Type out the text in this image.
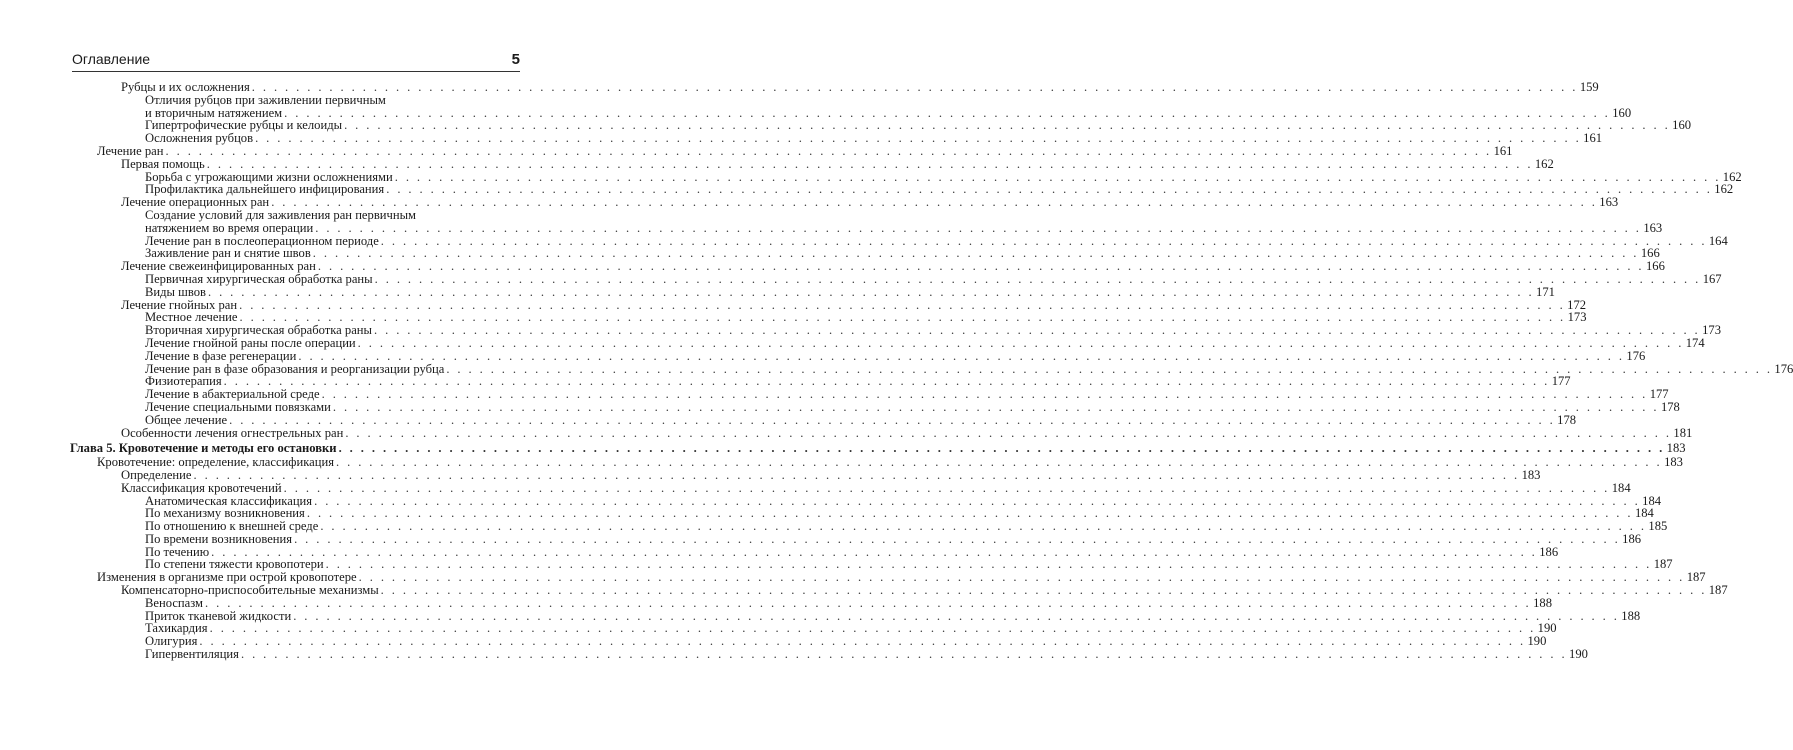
Оглавление	5
Рубцы и их осложнения . . . . . . . . . . . . . . . . . . . . . . . . . . . . . . . . . . . . . . . . . . . . . . . . . . . . . . . . . . . . . . . . . . . . . . . . . . . . . . . . . . . . . . . . . . . . . . . . . . . . . . . . . . . . . . . . . . . . . . . . 159
Отличия рубцов при заживлении первичным
и вторичным натяжением . . . . . . . . . . . . . . . . . . . . . . . . . . . . . . . . . . . . . . . . . . . . . . . . . . . . . . . . . . . . . . . . . . . . . . . . . . . . . . . . . . . . . . . . . . . . . . . . . . . . . . . . . . . . . . . . . . . . . . . . 160
Гипертрофические рубцы и келоиды . . . . . . . . . . . . . . . . . . . . . . . . . . . . . . . . . . . . . . . . . . . . . . . . . . . . . . . . . . . . . . . . . . . . . . . . . . . . . . . . . . . . . . . . . . . . . . . . . . . . . . . . . . . . . . . . . . . . . . . . 160
Осложнения рубцов . . . . . . . . . . . . . . . . . . . . . . . . . . . . . . . . . . . . . . . . . . . . . . . . . . . . . . . . . . . . . . . . . . . . . . . . . . . . . . . . . . . . . . . . . . . . . . . . . . . . . . . . . . . . . . . . . . . . . . . . 161
Лечение ран . . . . . . . . . . . . . . . . . . . . . . . . . . . . . . . . . . . . . . . . . . . . . . . . . . . . . . . . . . . . . . . . . . . . . . . . . . . . . . . . . . . . . . . . . . . . . . . . . . . . . . . . . . . . . . . . . . . . . . . . 161
Первая помощь . . . . . . . . . . . . . . . . . . . . . . . . . . . . . . . . . . . . . . . . . . . . . . . . . . . . . . . . . . . . . . . . . . . . . . . . . . . . . . . . . . . . . . . . . . . . . . . . . . . . . . . . . . . . . . . . . . . . . . . . 162
Борьба с угрожающими жизни осложнениями . . . . . . . . . . . . . . . . . . . . . . . . . . . . . . . . . . . . . . . . . . . . . . . . . . . . . . . . . . . . . . . . . . . . . . . . . . . . . . . . . . . . . . . . . . . . . . . . . . . . . . . . . . . . . . . . . . . . . . . . 162
Профилактика дальнейшего инфицирования . . . . . . . . . . . . . . . . . . . . . . . . . . . . . . . . . . . . . . . . . . . . . . . . . . . . . . . . . . . . . . . . . . . . . . . . . . . . . . . . . . . . . . . . . . . . . . . . . . . . . . . . . . . . . . . . . . . . . . . . 162
Лечение операционных ран . . . . . . . . . . . . . . . . . . . . . . . . . . . . . . . . . . . . . . . . . . . . . . . . . . . . . . . . . . . . . . . . . . . . . . . . . . . . . . . . . . . . . . . . . . . . . . . . . . . . . . . . . . . . . . . . . . . . . . . . 163
Создание условий для заживления ран первичным
натяжением во время операции . . . . . . . . . . . . . . . . . . . . . . . . . . . . . . . . . . . . . . . . . . . . . . . . . . . . . . . . . . . . . . . . . . . . . . . . . . . . . . . . . . . . . . . . . . . . . . . . . . . . . . . . . . . . . . . . . . . . . . . . 163
Лечение ран в послеоперационном периоде . . . . . . . . . . . . . . . . . . . . . . . . . . . . . . . . . . . . . . . . . . . . . . . . . . . . . . . . . . . . . . . . . . . . . . . . . . . . . . . . . . . . . . . . . . . . . . . . . . . . . . . . . . . . . . . . . . . . . . . . 164
Заживление ран и снятие швов . . . . . . . . . . . . . . . . . . . . . . . . . . . . . . . . . . . . . . . . . . . . . . . . . . . . . . . . . . . . . . . . . . . . . . . . . . . . . . . . . . . . . . . . . . . . . . . . . . . . . . . . . . . . . . . . . . . . . . . . 166
Лечение свежеинфицированных ран . . . . . . . . . . . . . . . . . . . . . . . . . . . . . . . . . . . . . . . . . . . . . . . . . . . . . . . . . . . . . . . . . . . . . . . . . . . . . . . . . . . . . . . . . . . . . . . . . . . . . . . . . . . . . . . . . . . . . . . . 166
Первичная хирургическая обработка раны . . . . . . . . . . . . . . . . . . . . . . . . . . . . . . . . . . . . . . . . . . . . . . . . . . . . . . . . . . . . . . . . . . . . . . . . . . . . . . . . . . . . . . . . . . . . . . . . . . . . . . . . . . . . . . . . . . . . . . . . 167
Виды швов . . . . . . . . . . . . . . . . . . . . . . . . . . . . . . . . . . . . . . . . . . . . . . . . . . . . . . . . . . . . . . . . . . . . . . . . . . . . . . . . . . . . . . . . . . . . . . . . . . . . . . . . . . . . . . . . . . . . . . . . 171
Лечение гнойных ран . . . . . . . . . . . . . . . . . . . . . . . . . . . . . . . . . . . . . . . . . . . . . . . . . . . . . . . . . . . . . . . . . . . . . . . . . . . . . . . . . . . . . . . . . . . . . . . . . . . . . . . . . . . . . . . . . . . . . . . . 172
Местное лечение . . . . . . . . . . . . . . . . . . . . . . . . . . . . . . . . . . . . . . . . . . . . . . . . . . . . . . . . . . . . . . . . . . . . . . . . . . . . . . . . . . . . . . . . . . . . . . . . . . . . . . . . . . . . . . . . . . . . . . . . 173
Вторичная хирургическая обработка раны . . . . . . . . . . . . . . . . . . . . . . . . . . . . . . . . . . . . . . . . . . . . . . . . . . . . . . . . . . . . . . . . . . . . . . . . . . . . . . . . . . . . . . . . . . . . . . . . . . . . . . . . . . . . . . . . . . . . . . . . 173
Лечение гнойной раны после операции . . . . . . . . . . . . . . . . . . . . . . . . . . . . . . . . . . . . . . . . . . . . . . . . . . . . . . . . . . . . . . . . . . . . . . . . . . . . . . . . . . . . . . . . . . . . . . . . . . . . . . . . . . . . . . . . . . . . . . . . 174
Лечение в фазе регенерации . . . . . . . . . . . . . . . . . . . . . . . . . . . . . . . . . . . . . . . . . . . . . . . . . . . . . . . . . . . . . . . . . . . . . . . . . . . . . . . . . . . . . . . . . . . . . . . . . . . . . . . . . . . . . . . . . . . . . . . . 176
Лечение ран в фазе образования и реорганизации рубца . . . . . . . . . . . . . . . . . . . . . . . . . . . . . . . . . . . . . . . . . . . . . . . . . . . . . . . . . . . . . . . . . . . . . . . . . . . . . . . . . . . . . . . . . . . . . . . . . . . . . . . . . . . . . . . . . . . . . . . . 176
Физиотерапия . . . . . . . . . . . . . . . . . . . . . . . . . . . . . . . . . . . . . . . . . . . . . . . . . . . . . . . . . . . . . . . . . . . . . . . . . . . . . . . . . . . . . . . . . . . . . . . . . . . . . . . . . . . . . . . . . . . . . . . . 177
Лечение в абактериальной среде . . . . . . . . . . . . . . . . . . . . . . . . . . . . . . . . . . . . . . . . . . . . . . . . . . . . . . . . . . . . . . . . . . . . . . . . . . . . . . . . . . . . . . . . . . . . . . . . . . . . . . . . . . . . . . . . . . . . . . . . 177
Лечение специальными повязками . . . . . . . . . . . . . . . . . . . . . . . . . . . . . . . . . . . . . . . . . . . . . . . . . . . . . . . . . . . . . . . . . . . . . . . . . . . . . . . . . . . . . . . . . . . . . . . . . . . . . . . . . . . . . . . . . . . . . . . . 178
Общее лечение . . . . . . . . . . . . . . . . . . . . . . . . . . . . . . . . . . . . . . . . . . . . . . . . . . . . . . . . . . . . . . . . . . . . . . . . . . . . . . . . . . . . . . . . . . . . . . . . . . . . . . . . . . . . . . . . . . . . . . . . 178
Особенности лечения огнестрельных ран . . . . . . . . . . . . . . . . . . . . . . . . . . . . . . . . . . . . . . . . . . . . . . . . . . . . . . . . . . . . . . . . . . . . . . . . . . . . . . . . . . . . . . . . . . . . . . . . . . . . . . . . . . . . . . . . . . . . . . . . 181
Глава 5. Кровотечение и методы его остановки . . . . . . . . . . . . . . . . . . . . . . . . . . . . . . . . . . . . . . . . . . . . . . . . . . . . . . . . . . . . . . . . . . . . . . . . . . . . . . . . . . . . . . . . . . . . . . . . . . . . . . . . . . . . . . . . . . . . . . . . 183
Кровотечение: определение, классификация . . . . . . . . . . . . . . . . . . . . . . . . . . . . . . . . . . . . . . . . . . . . . . . . . . . . . . . . . . . . . . . . . . . . . . . . . . . . . . . . . . . . . . . . . . . . . . . . . . . . . . . . . . . . . . . . . . . . . . . . 183
Определение . . . . . . . . . . . . . . . . . . . . . . . . . . . . . . . . . . . . . . . . . . . . . . . . . . . . . . . . . . . . . . . . . . . . . . . . . . . . . . . . . . . . . . . . . . . . . . . . . . . . . . . . . . . . . . . . . . . . . . . . 183
Классификация кровотечений . . . . . . . . . . . . . . . . . . . . . . . . . . . . . . . . . . . . . . . . . . . . . . . . . . . . . . . . . . . . . . . . . . . . . . . . . . . . . . . . . . . . . . . . . . . . . . . . . . . . . . . . . . . . . . . . . . . . . . . . 184
Анатомическая классификация . . . . . . . . . . . . . . . . . . . . . . . . . . . . . . . . . . . . . . . . . . . . . . . . . . . . . . . . . . . . . . . . . . . . . . . . . . . . . . . . . . . . . . . . . . . . . . . . . . . . . . . . . . . . . . . . . . . . . . . . 184
По механизму возникновения . . . . . . . . . . . . . . . . . . . . . . . . . . . . . . . . . . . . . . . . . . . . . . . . . . . . . . . . . . . . . . . . . . . . . . . . . . . . . . . . . . . . . . . . . . . . . . . . . . . . . . . . . . . . . . . . . . . . . . . . 184
По отношению к внешней среде . . . . . . . . . . . . . . . . . . . . . . . . . . . . . . . . . . . . . . . . . . . . . . . . . . . . . . . . . . . . . . . . . . . . . . . . . . . . . . . . . . . . . . . . . . . . . . . . . . . . . . . . . . . . . . . . . . . . . . . . 185
По времени возникновения . . . . . . . . . . . . . . . . . . . . . . . . . . . . . . . . . . . . . . . . . . . . . . . . . . . . . . . . . . . . . . . . . . . . . . . . . . . . . . . . . . . . . . . . . . . . . . . . . . . . . . . . . . . . . . . . . . . . . . . . 186
По течению . . . . . . . . . . . . . . . . . . . . . . . . . . . . . . . . . . . . . . . . . . . . . . . . . . . . . . . . . . . . . . . . . . . . . . . . . . . . . . . . . . . . . . . . . . . . . . . . . . . . . . . . . . . . . . . . . . . . . . . . 186
По степени тяжести кровопотери . . . . . . . . . . . . . . . . . . . . . . . . . . . . . . . . . . . . . . . . . . . . . . . . . . . . . . . . . . . . . . . . . . . . . . . . . . . . . . . . . . . . . . . . . . . . . . . . . . . . . . . . . . . . . . . . . . . . . . . . 187
Изменения в организме при острой кровопотере . . . . . . . . . . . . . . . . . . . . . . . . . . . . . . . . . . . . . . . . . . . . . . . . . . . . . . . . . . . . . . . . . . . . . . . . . . . . . . . . . . . . . . . . . . . . . . . . . . . . . . . . . . . . . . . . . . . . . . . . 187
Компенсаторно-приспособительные механизмы . . . . . . . . . . . . . . . . . . . . . . . . . . . . . . . . . . . . . . . . . . . . . . . . . . . . . . . . . . . . . . . . . . . . . . . . . . . . . . . . . . . . . . . . . . . . . . . . . . . . . . . . . . . . . . . . . . . . . . . . 187
Веноспазм . . . . . . . . . . . . . . . . . . . . . . . . . . . . . . . . . . . . . . . . . . . . . . . . . . . . . . . . . . . . . . . . . . . . . . . . . . . . . . . . . . . . . . . . . . . . . . . . . . . . . . . . . . . . . . . . . . . . . . . . 188
Приток тканевой жидкости . . . . . . . . . . . . . . . . . . . . . . . . . . . . . . . . . . . . . . . . . . . . . . . . . . . . . . . . . . . . . . . . . . . . . . . . . . . . . . . . . . . . . . . . . . . . . . . . . . . . . . . . . . . . . . . . . . . . . . . . 188
Тахикардия . . . . . . . . . . . . . . . . . . . . . . . . . . . . . . . . . . . . . . . . . . . . . . . . . . . . . . . . . . . . . . . . . . . . . . . . . . . . . . . . . . . . . . . . . . . . . . . . . . . . . . . . . . . . . . . . . . . . . . . . 190
Олигурия . . . . . . . . . . . . . . . . . . . . . . . . . . . . . . . . . . . . . . . . . . . . . . . . . . . . . . . . . . . . . . . . . . . . . . . . . . . . . . . . . . . . . . . . . . . . . . . . . . . . . . . . . . . . . . . . . . . . . . . . 190
Гипервентиляция . . . . . . . . . . . . . . . . . . . . . . . . . . . . . . . . . . . . . . . . . . . . . . . . . . . . . . . . . . . . . . . . . . . . . . . . . . . . . . . . . . . . . . . . . . . . . . . . . . . . . . . . . . . . . . . . . . . . . . . . 190
